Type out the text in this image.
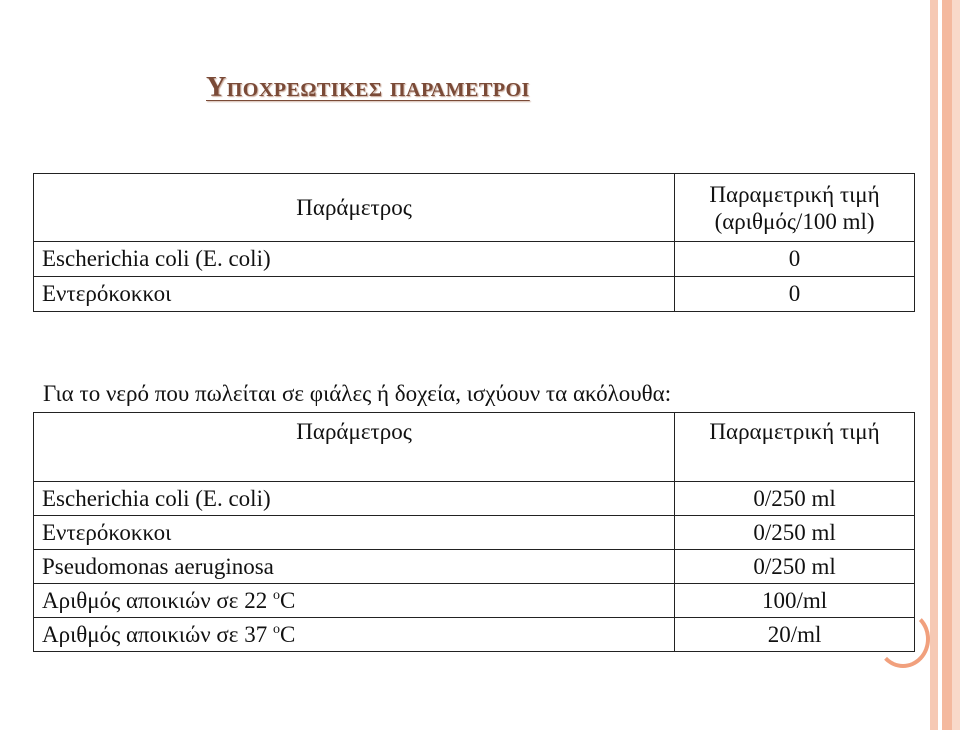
Υποχρεωτικες παραμετροι
Παράμετρος	Παραμετρική τιμή
(αριθμός/100 ml)

Escherichia coli (E. coli)	0
Εντερόκοκκοι	0
Για το νερό που πωλείται σε φιάλες ή δοχεία, ισχύουν τα ακόλουθα:
Παράμετρος	Παραμετρική τιμή
Escherichia coli (E. coli)	0/250 ml
Εντερόκοκκοι	0/250 ml
Pseudomonas aeruginosa	0/250 ml
Αριθμός αποικιών σε 22 $^o$C	100/ml
Αριθμός αποικιών σε 37 $^o$C	20/ml
